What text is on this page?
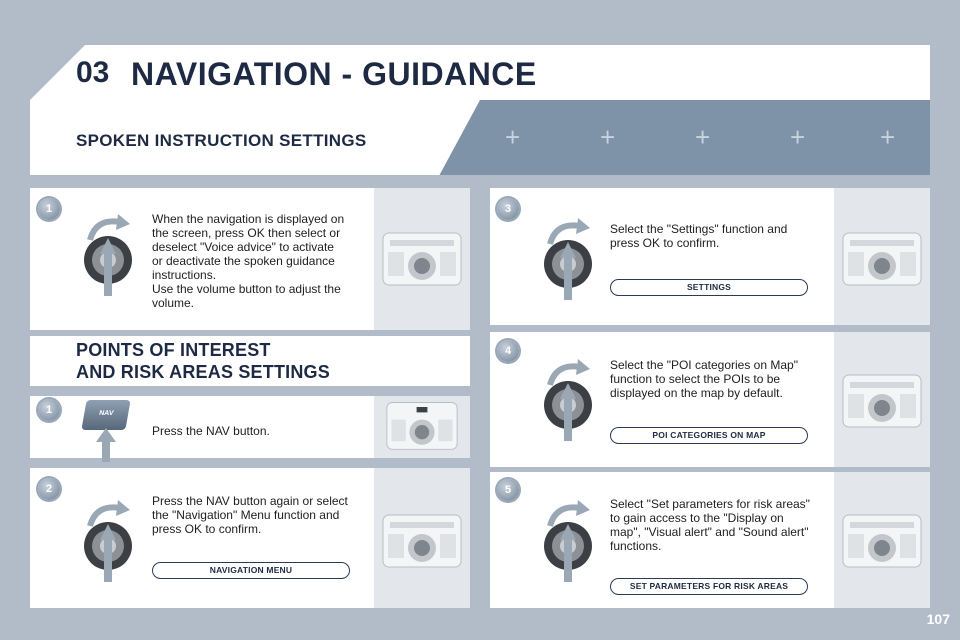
03 NAVIGATION - GUIDANCE
+	+	+	+	+
SPOKEN INSTRUCTION SETTINGS
1
When the navigation is displayed on
the screen, press OK then select or
deselect "Voice advice" to activate
or deactivate the spoken guidance
instructions.
Use the volume button to adjust the
volume.
POINTS OF INTEREST
AND RISK AREAS SETTINGS
1	NAV
Press the NAV button.
2
Press the NAV button again or select
the "Navigation" Menu function and
press OK to confirm.
NAVIGATION MENU
3
Select the "Settings" function and
press OK to confirm.
SETTINGS
4
Select the "POI categories on Map"
function to select the POIs to be
displayed on the map by default.
POI CATEGORIES ON MAP
5
Select "Set parameters for risk areas"
to gain access to the "Display on
map", "Visual alert" and "Sound alert"
functions.
SET PARAMETERS FOR RISK AREAS
107
